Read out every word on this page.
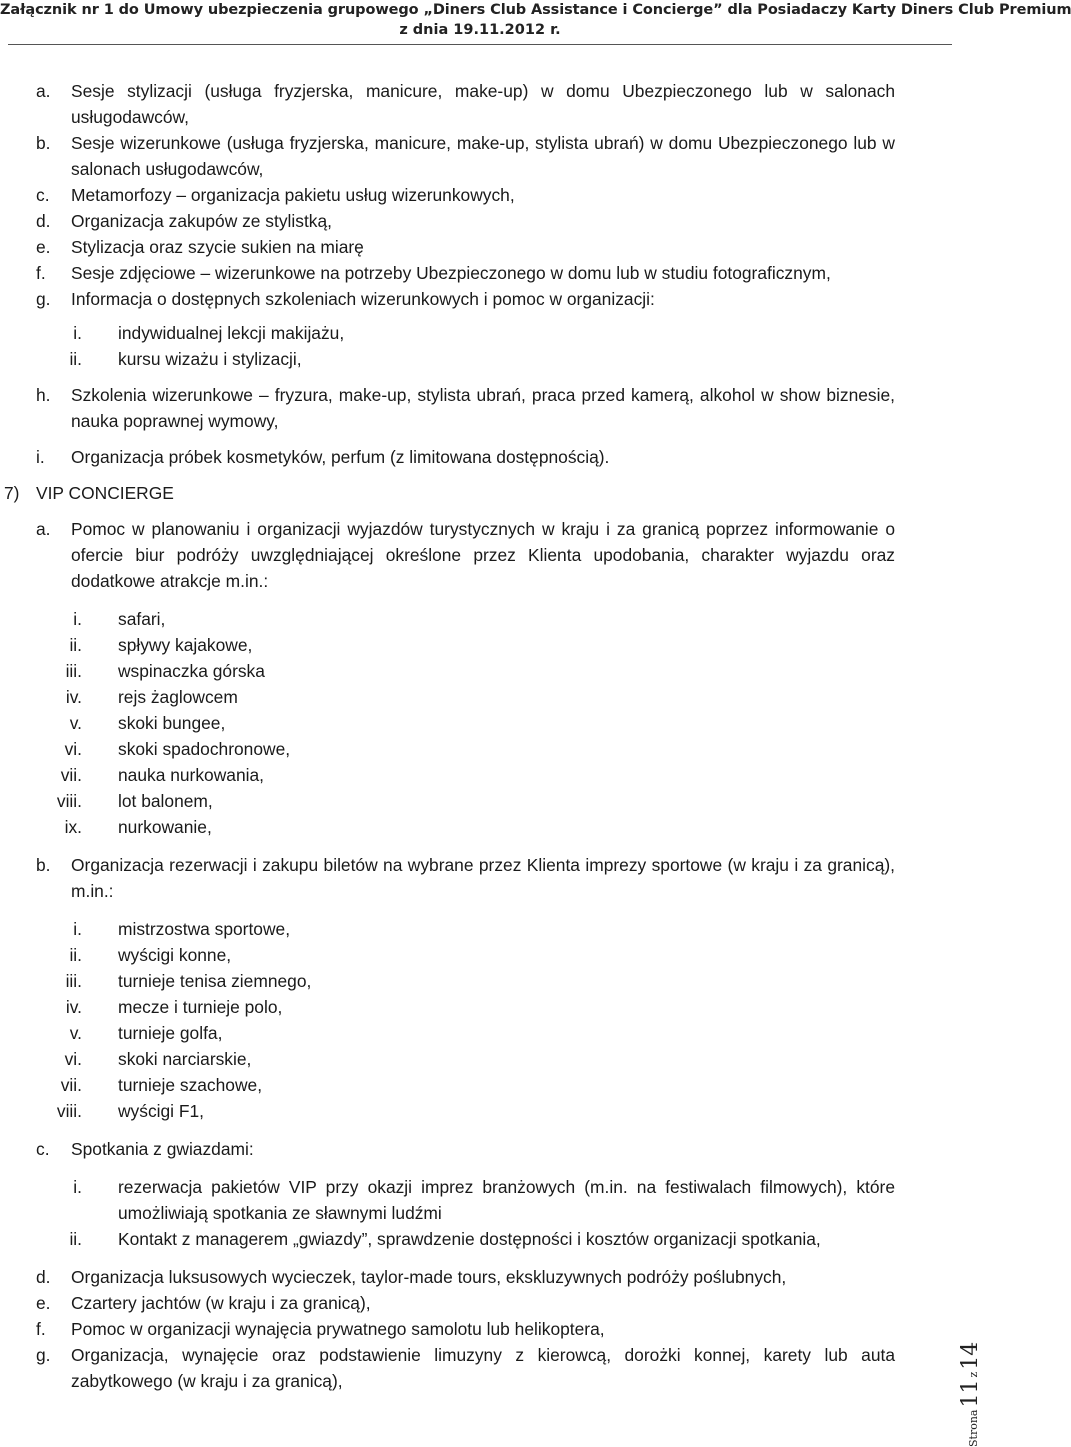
Załącznik nr 1 do Umowy ubezpieczenia grupowego „Diners Club Assistance i Concierge” dla Posiadaczy Karty Diners Club Premium
z dnia 19.11.2012 r.
a. Sesje stylizacji (usługa fryzjerska, manicure, make-up) w domu Ubezpieczonego lub w salonach usługodawców,
b. Sesje wizerunkowe (usługa fryzjerska, manicure, make-up, stylista ubrań) w domu Ubezpieczonego lub w salonach usługodawców,
c. Metamorfozy – organizacja pakietu usług wizerunkowych,
d. Organizacja zakupów ze stylistką,
e. Stylizacja oraz szycie sukien na miarę
f. Sesje zdjęciowe – wizerunkowe na potrzeby Ubezpieczonego w domu lub w studiu fotograficznym,
g. Informacja o dostępnych szkoleniach wizerunkowych i pomoc w organizacji:
i. indywidualnej lekcji makijażu,
ii. kursu wizażu i stylizacji,
h. Szkolenia wizerunkowe – fryzura, make-up, stylista ubrań, praca przed kamerą, alkohol w show biznesie, nauka poprawnej wymowy,
i. Organizacja próbek kosmetyków, perfum (z limitowana dostępnością).
7) VIP CONCIERGE
a. Pomoc w planowaniu i organizacji wyjazdów turystycznych w kraju i za granicą poprzez informowanie o ofercie biur podróży uwzględniającej określone przez Klienta upodobania, charakter wyjazdu oraz dodatkowe atrakcje m.in.:
i. safari,
ii. spływy kajakowe,
iii. wspinaczka górska
iv. rejs żaglowcem
v. skoki bungee,
vi. skoki spadochronowe,
vii. nauka nurkowania,
viii. lot balonem,
ix. nurkowanie,
b. Organizacja rezerwacji i zakupu biletów na wybrane przez Klienta imprezy sportowe (w kraju i za granicą), m.in.:
i. mistrzostwa sportowe,
ii. wyścigi konne,
iii. turnieje tenisa ziemnego,
iv. mecze i turnieje polo,
v. turnieje golfa,
vi. skoki narciarskie,
vii. turnieje szachowe,
viii. wyścigi F1,
c. Spotkania z gwiazdami:
i. rezerwacja pakietów VIP przy okazji imprez branżowych (m.in. na festiwalach filmowych), które umożliwiają spotkania ze sławnymi ludźmi
ii. Kontakt z managerem „gwiazdy”, sprawdzenie dostępności i kosztów organizacji spotkania,
d. Organizacja luksusowych wycieczek, taylor-made tours, ekskluzywnych podróży poślubnych,
e. Czartery jachtów (w kraju i za granicą),
f. Pomoc w organizacji wynajęcia prywatnego samolotu lub helikoptera,
g. Organizacja, wynajęcie oraz podstawienie limuzyny z kierowcą, dorożki konnej, karety lub auta zabytkowego (w kraju i za granicą),
Strona
11
z
14
